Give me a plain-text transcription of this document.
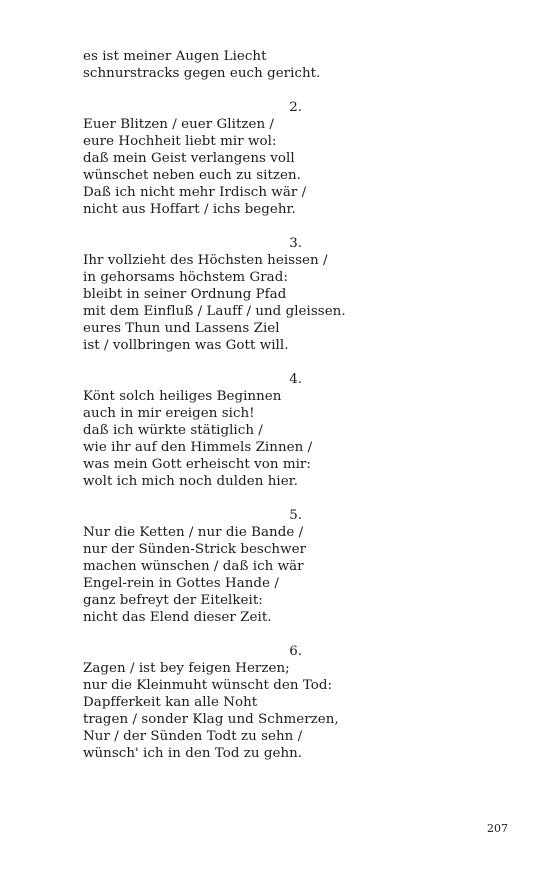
es ist meiner Augen Liecht
schnurstracks gegen euch gericht.
2.
Euer Blitzen / euer Glitzen /
eure Hochheit liebt mir wol:
daß mein Geist verlangens voll
wünschet neben euch zu sitzen.
Daß ich nicht mehr Irdisch wär /
nicht aus Hoffart / ichs begehr.
3.
Ihr vollzieht des Höchsten heissen /
in gehorsams höchstem Grad:
bleibt in seiner Ordnung Pfad
mit dem Einfluß / Lauff / und gleissen.
eures Thun und Lassens Ziel
ist / vollbringen was Gott will.
4.
Könt solch heiliges Beginnen
auch in mir ereigen sich!
daß ich würkte stätiglich /
wie ihr auf den Himmels Zinnen /
was mein Gott erheischt von mir:
wolt ich mich noch dulden hier.
5.
Nur die Ketten / nur die Bande /
nur der Sünden-Strick beschwer
machen wünschen / daß ich wär
Engel-rein in Gottes Hande /
ganz befreyt der Eitelkeit:
nicht das Elend dieser Zeit.
6.
Zagen / ist bey feigen Herzen;
nur die Kleinmuht wünscht den Tod:
Dapfferkeit kan alle Noht
tragen / sonder Klag und Schmerzen,
Nur / der Sünden Todt zu sehn /
wünsch' ich in den Tod zu gehn.
207
